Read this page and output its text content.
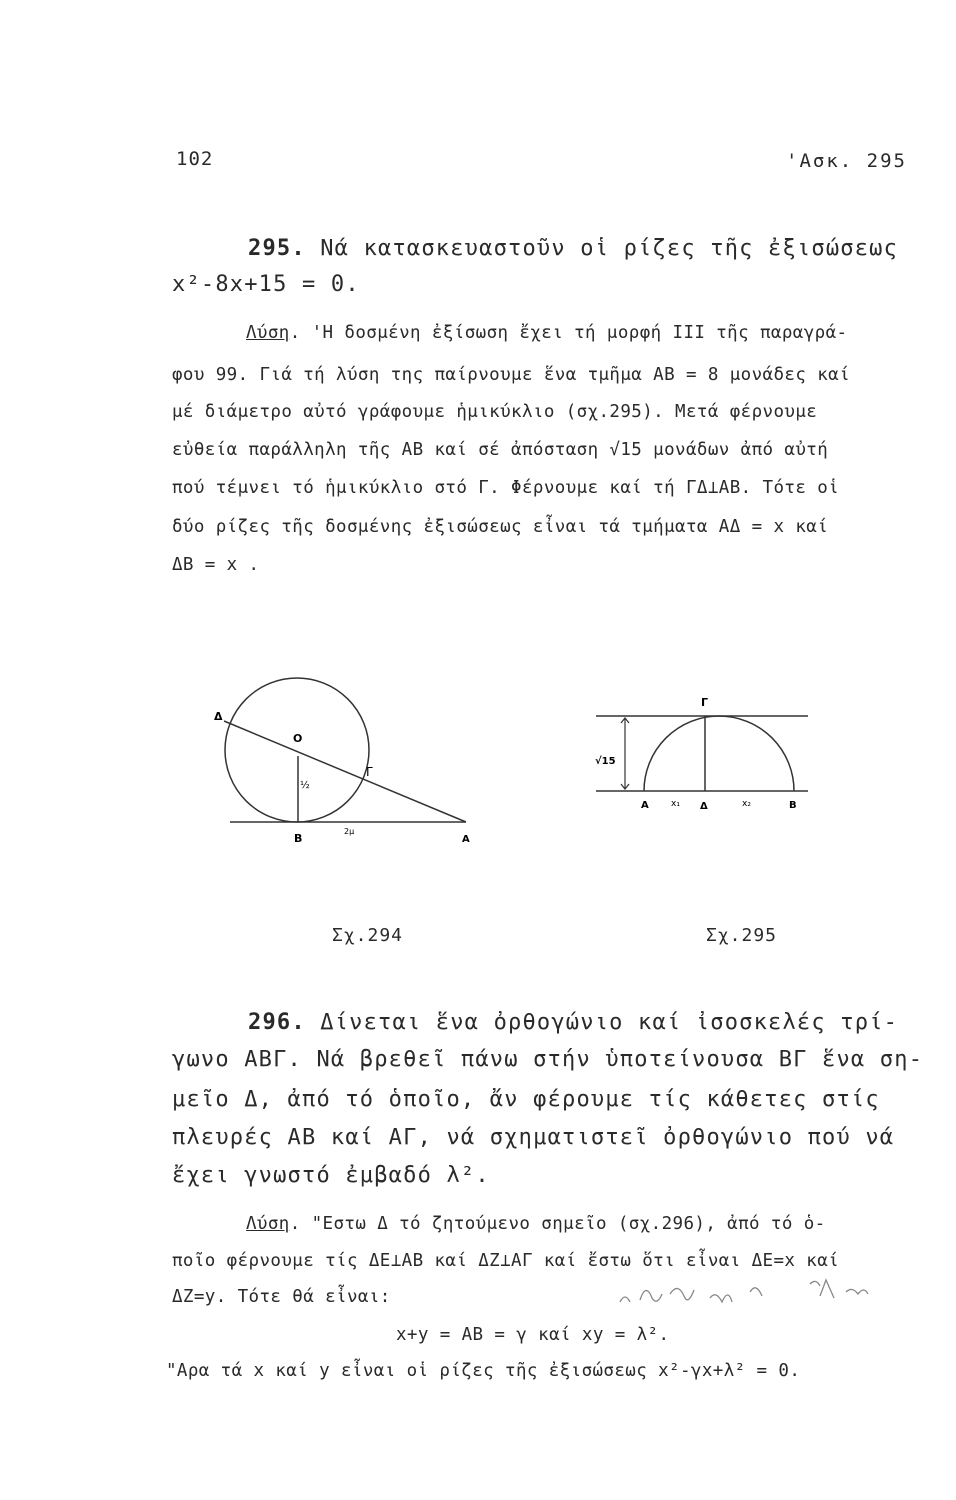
102	'Ασκ. 295
295. Νά κατασκευαστοῦν οἱ ρίζες τῆς ἐξισώσεως
x²-8x+15 = 0.
Λύση. 'Η δοσμένη ἐξίσωση ἔχει τή μορφή III τῆς παραγρά-
φου 99. Γιά τή λύση της παίρνουμε ἕνα τμῆμα ΑΒ = 8 μονάδες καί
μέ διάμετρο αὐτό γράφουμε ἡμικύκλιο (σχ.295). Μετά φέρνουμε
εὐθεία παράλληλη τῆς ΑΒ καί σέ ἀπόσταση √15 μονάδων ἀπό αὐτή
πού τέμνει τό ἡμικύκλιο στό Γ. Φέρνουμε καί τή ΓΔ⊥ΑΒ. Τότε οἱ
δύο ρίζες τῆς δοσμένης ἐξισώσεως εἶναι τά τμήματα ΑΔ = x καί
ΔΒ = x .
Δ
Ο
Γ
½
Β
2μ
Α
Γ
√15
Α x₁ Δ	x₂	Β
Σχ.294	Σχ.295
296. Δίνεται ἕνα ὀρθογώνιο καί ἰσοσκελές τρί-
γωνο ΑΒΓ. Νά βρεθεῖ πάνω στήν ὑποτείνουσα ΒΓ ἕνα ση-
μεῖο Δ, ἀπό τό ὁποῖο, ἄν φέρουμε τίς κάθετες στίς
πλευρές ΑΒ καί ΑΓ, νά σχηματιστεῖ ὀρθογώνιο πού νά
ἔχει γνωστό ἐμβαδό λ².
Λύση. "Εστω Δ τό ζητούμενο σημεῖο (σχ.296), ἀπό τό ὁ-
ποῖο φέρνουμε τίς ΔΕ⊥ΑΒ καί ΔΖ⊥ΑΓ καί ἔστω ὅτι εἶναι ΔΕ=x καί
ΔΖ=y. Τότε θά εἶναι:
x+y = ΑΒ = γ καί xy = λ².
"Αρα τά x καί y εἶναι οἱ ρίζες τῆς ἐξισώσεως x²-γx+λ² = 0.
